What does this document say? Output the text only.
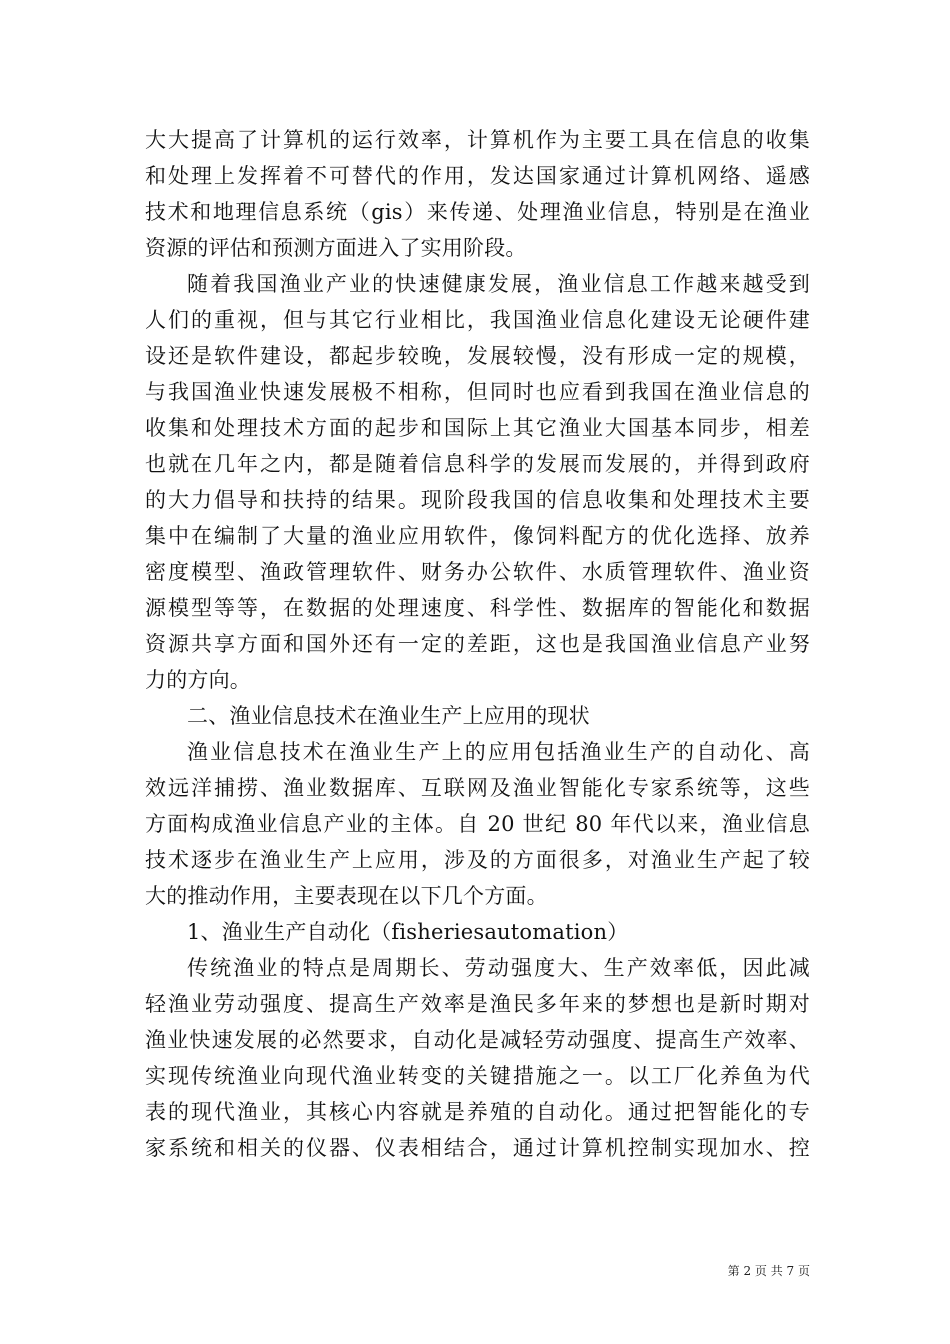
大大提高了计算机的运行效率，计算机作为主要工具在信息的收集
和处理上发挥着不可替代的作用，发达国家通过计算机网络、遥感
技术和地理信息系统（gis）来传递、处理渔业信息，特别是在渔业
资源的评估和预测方面进入了实用阶段。
随着我国渔业产业的快速健康发展，渔业信息工作越来越受到
人们的重视，但与其它行业相比，我国渔业信息化建设无论硬件建
设还是软件建设，都起步较晚，发展较慢，没有形成一定的规模，
与我国渔业快速发展极不相称，但同时也应看到我国在渔业信息的
收集和处理技术方面的起步和国际上其它渔业大国基本同步，相差
也就在几年之内，都是随着信息科学的发展而发展的，并得到政府
的大力倡导和扶持的结果。现阶段我国的信息收集和处理技术主要
集中在编制了大量的渔业应用软件，像饲料配方的优化选择、放养
密度模型、渔政管理软件、财务办公软件、水质管理软件、渔业资
源模型等等，在数据的处理速度、科学性、数据库的智能化和数据
资源共享方面和国外还有一定的差距，这也是我国渔业信息产业努
力的方向。
二、渔业信息技术在渔业生产上应用的现状
渔业信息技术在渔业生产上的应用包括渔业生产的自动化、高
效远洋捕捞、渔业数据库、互联网及渔业智能化专家系统等，这些
方面构成渔业信息产业的主体。自 20 世纪 80 年代以来，渔业信息
技术逐步在渔业生产上应用，涉及的方面很多，对渔业生产起了较
大的推动作用，主要表现在以下几个方面。
1、渔业生产自动化（fisheriesautomation）
传统渔业的特点是周期长、劳动强度大、生产效率低，因此减
轻渔业劳动强度、提高生产效率是渔民多年来的梦想也是新时期对
渔业快速发展的必然要求，自动化是减轻劳动强度、提高生产效率、
实现传统渔业向现代渔业转变的关键措施之一。以工厂化养鱼为代
表的现代渔业，其核心内容就是养殖的自动化。通过把智能化的专
家系统和相关的仪器、仪表相结合，通过计算机控制实现加水、控
第 2 页 共 7 页
